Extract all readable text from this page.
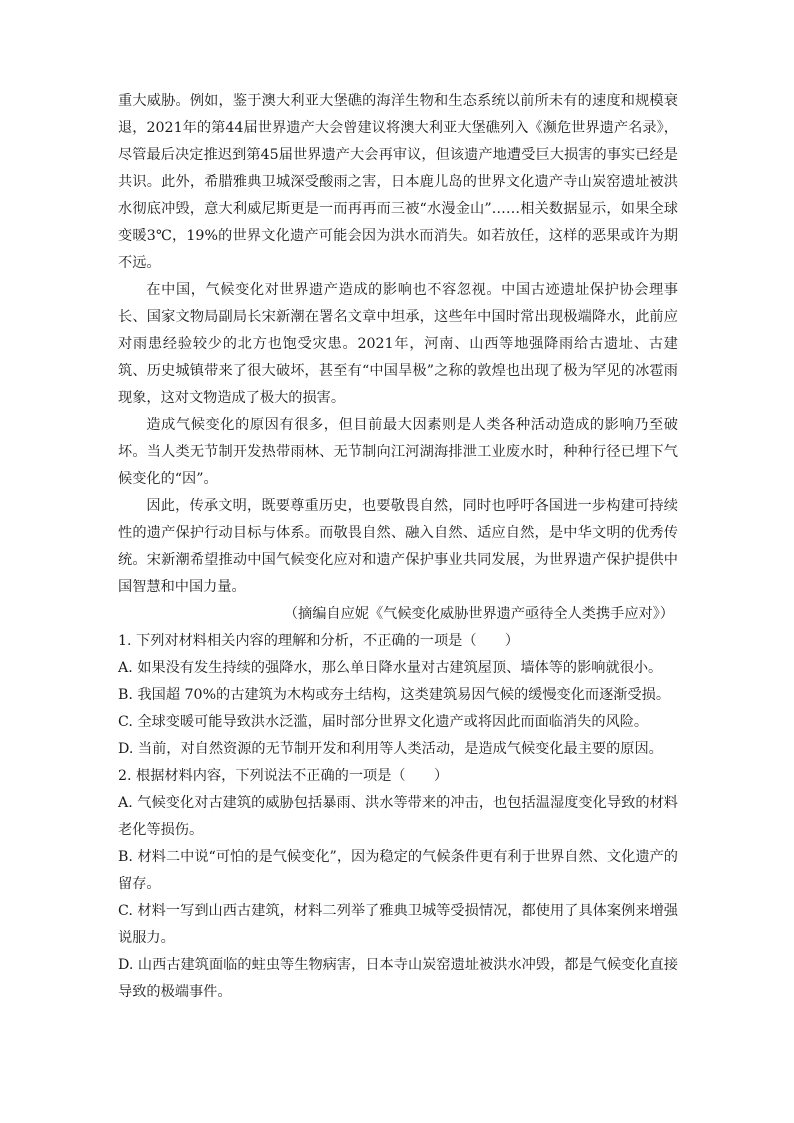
重大威胁。例如，鉴于澳大利亚大堡礁的海洋生物和生态系统以前所未有的速度和规模衰退，2021年的第44届世界遗产大会曾建议将澳大利亚大堡礁列入《濒危世界遗产名录》，尽管最后决定推迟到第45届世界遗产大会再审议，但该遗产地遭受巨大损害的事实已经是共识。此外，希腊雅典卫城深受酸雨之害，日本鹿儿岛的世界文化遗产寺山炭窑遗址被洪水彻底冲毁，意大利威尼斯更是一而再再而三被“水漫金山”……相关数据显示，如果全球变暖3℃，19%的世界文化遗产可能会因为洪水而消失。如若放任，这样的恶果或许为期不远。

在中国，气候变化对世界遗产造成的影响也不容忽视。中国古迹遗址保护协会理事长、国家文物局副局长宋新潮在署名文章中坦承，这些年中国时常出现极端降水，此前应对雨患经验较少的北方也饱受灾患。2021年，河南、山西等地强降雨给古遗址、古建筑、历史城镇带来了很大破坏，甚至有“中国旱极”之称的敦煌也出现了极为罕见的冰雹雨现象，这对文物造成了极大的损害。

造成气候变化的原因有很多，但目前最大因素则是人类各种活动造成的影响乃至破坏。当人类无节制开发热带雨林、无节制向江河湖海排泄工业废水时，种种行径已埋下气候变化的“因”。

因此，传承文明，既要尊重历史，也要敬畏自然，同时也呼吁各国进一步构建可持续性的遗产保护行动目标与体系。而敬畏自然、融入自然、适应自然，是中华文明的优秀传统。宋新潮希望推动中国气候变化应对和遗产保护事业共同发展，为世界遗产保护提供中国智慧和中国力量。

（摘编自应妮《气候变化威胁世界遗产亟待全人类携手应对》）

1. 下列对材料相关内容的理解和分析，不正确的一项是（　　）

A. 如果没有发生持续的强降水，那么单日降水量对古建筑屋顶、墙体等的影响就很小。

B. 我国超 70%的古建筑为木构或夯土结构，这类建筑易因气候的缓慢变化而逐渐受损。

C. 全球变暖可能导致洪水泛滥，届时部分世界文化遗产或将因此而面临消失的风险。

D. 当前，对自然资源的无节制开发和利用等人类活动，是造成气候变化最主要的原因。

2. 根据材料内容，下列说法不正确的一项是（　　）

A. 气候变化对古建筑的威胁包括暴雨、洪水等带来的冲击，也包括温湿度变化导致的材料老化等损伤。

B. 材料二中说“可怕的是气候变化”，因为稳定的气候条件更有利于世界自然、文化遗产的留存。

C. 材料一写到山西古建筑，材料二列举了雅典卫城等受损情况，都使用了具体案例来增强说服力。

D. 山西古建筑面临的蛀虫等生物病害，日本寺山炭窑遗址被洪水冲毁，都是气候变化直接导致的极端事件。
